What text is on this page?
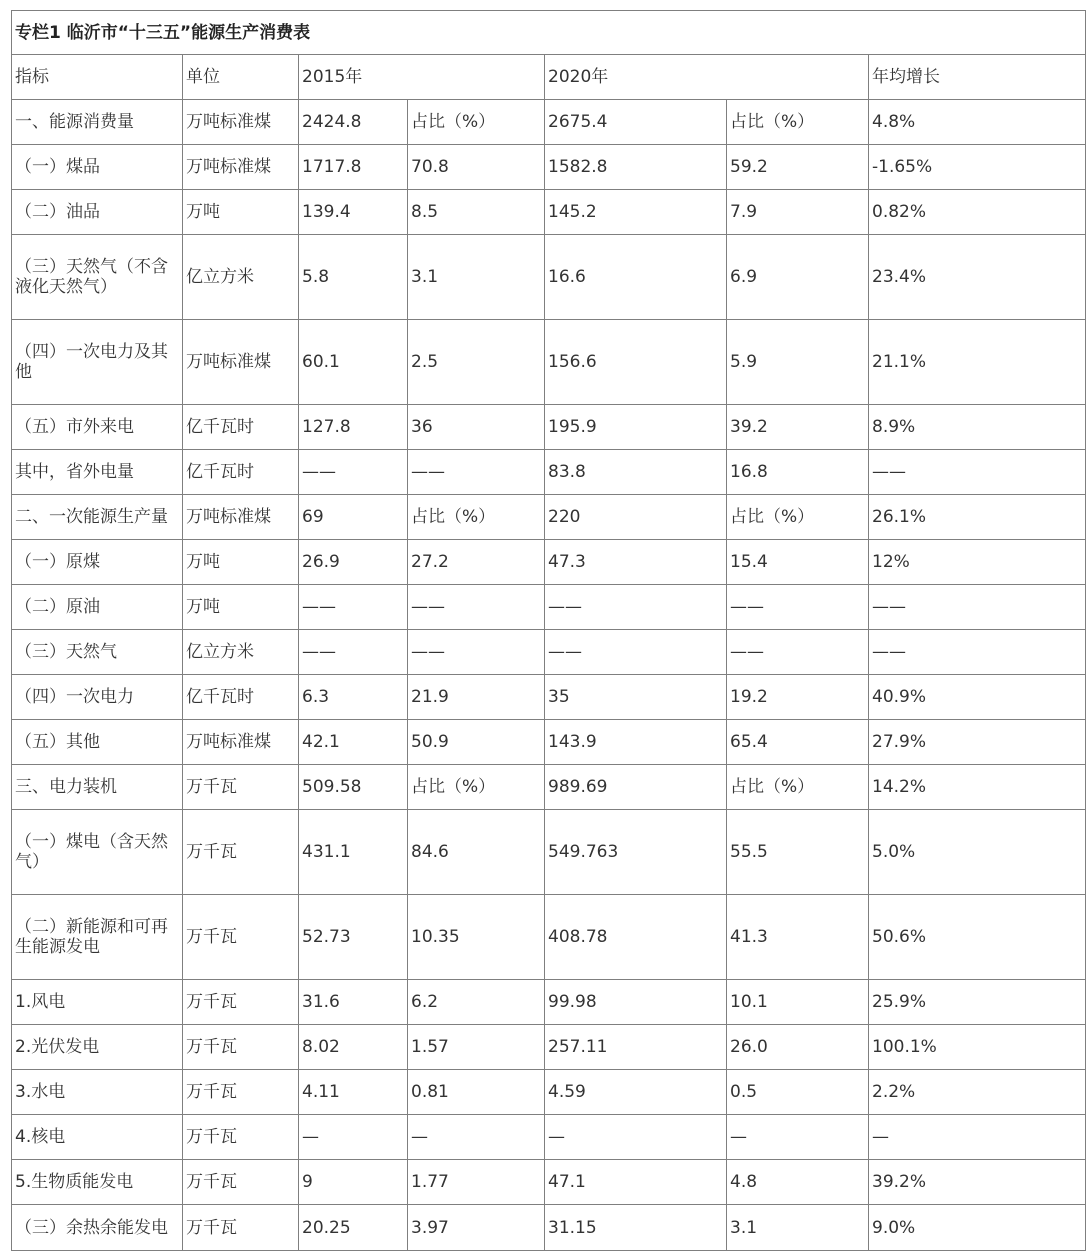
专栏1 临沂市“十三五”能源生产消费表						
指标	单位	2015年		2020年		年均增长
一、能源消费量	万吨标准煤	2424.8	占比（%）	2675.4	占比（%）	4.8%
（一）煤品	万吨标准煤	1717.8	70.8	1582.8	59.2	-1.65%
（二）油品	万吨	139.4	8.5	145.2	7.9	0.82%
（三）天然气（不含液化天然气）	亿立方米	5.8	3.1	16.6	6.9	23.4%
（四）一次电力及其他	万吨标准煤	60.1	2.5	156.6	5.9	21.1%
（五）市外来电	亿千瓦时	127.8	36	195.9	39.2	8.9%
其中，省外电量	亿千瓦时	——	——	83.8	16.8	——
二、一次能源生产量	万吨标准煤	69	占比（%）	220	占比（%）	26.1%
（一）原煤	万吨	26.9	27.2	47.3	15.4	12%
（二）原油	万吨	——	——	——	——	——
（三）天然气	亿立方米	——	——	——	——	——
（四）一次电力	亿千瓦时	6.3	21.9	35	19.2	40.9%
（五）其他	万吨标准煤	42.1	50.9	143.9	65.4	27.9%
三、电力装机	万千瓦	509.58	占比（%）	989.69	占比（%）	14.2%
（一）煤电（含天然气）	万千瓦	431.1	84.6	549.763	55.5	5.0%
（二）新能源和可再生能源发电	万千瓦	52.73	10.35	408.78	41.3	50.6%
1.风电	万千瓦	31.6	6.2	99.98	10.1	25.9%
2.光伏发电	万千瓦	8.02	1.57	257.11	26.0	100.1%
3.水电	万千瓦	4.11	0.81	4.59	0.5	2.2%
4.核电	万千瓦	—	—	—	—	—
5.生物质能发电	万千瓦	9	1.77	47.1	4.8	39.2%
（三）余热余能发电	万千瓦	20.25	3.97	31.15	3.1	9.0%
